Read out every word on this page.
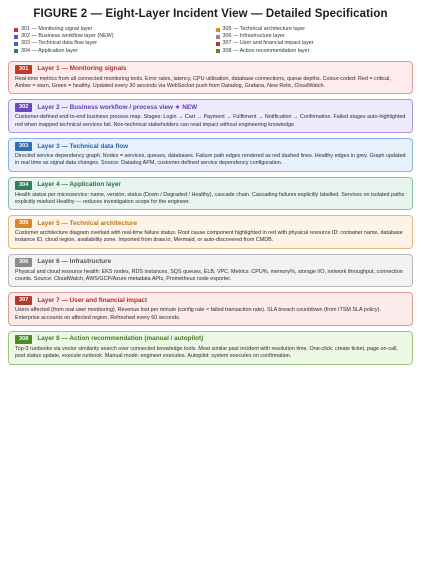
FIGURE 2 — Eight-Layer Incident View — Detailed Specification
301 — Monitoring signal layer	305 — Technical architecture layer
302 — Business workflow layer (NEW)	306 — Infrastructure layer
303 — Technical data flow layer	307 — User and financial impact layer
304 — Application layer	308 — Action recommendation layer
301	Layer 1 — Monitoring signals
Real-time metrics from all connected monitoring tools. Error rates, latency, CPU utilisation, database connections, queue depths. Colour-coded: Red = critical, Amber = warn, Green = healthy. Updated every 30 seconds via WebSocket push from Datadog, Grafana, New Relic, CloudWatch.
302	Layer 2 — Business workflow / process view ★ NEW
Customer-defined end-to-end business process map. Stages: Login → Cart → Payment → Fulfilment → Notification → Confirmation. Failed stages auto-highlighted red when mapped technical services fail. Non-technical stakeholders can read impact without engineering knowledge.
303	Layer 3 — Technical data flow
Directed service dependency graph. Nodes = services, queues, databases. Failure path edges rendered as red dashed lines. Healthy edges in grey. Graph updated in real time as signal data changes. Source: Datadog APM, customer-defined service dependency configuration.
304	Layer 4 — Application layer
Health status per microservice: name, version, status (Down / Degraded / Healthy), cascade chain. Cascading failures explicitly labelled. Services on isolated paths explicitly marked Healthy — reduces investigation scope for the engineer.
305	Layer 5 — Technical architecture
Customer architecture diagram overlaid with real-time failure status. Root cause component highlighted in red with physical resource ID: container name, database instance ID, cloud region, availability zone. Imported from draw.io, Mermaid, or auto-discovered from CMDB.
306	Layer 6 — Infrastructure
Physical and cloud resource health: EKS nodes, RDS instances, SQS queues, ELB, VPC. Metrics: CPU%, memory%, storage I/O, network throughput, connection counts. Source: CloudWatch, AWS/GCP/Azure metadata APIs, Prometheus node exporter.
307	Layer 7 — User and financial impact
Users affected (from real user monitoring). Revenue lost per minute (config rate × failed transaction rate). SLA breach countdown (from ITSM SLA policy). Enterprise accounts on affected region. Refreshed every 60 seconds.
308	Layer 8 — Action recommendation (manual / autopilot)
Top-3 runbooks via vector similarity search over connected knowledge tools. Most similar past incident with resolution time. One-click: create ticket, page on-call, post status update, execute runbook. Manual mode: engineer executes. Autopilot: system executes on confirmation.
